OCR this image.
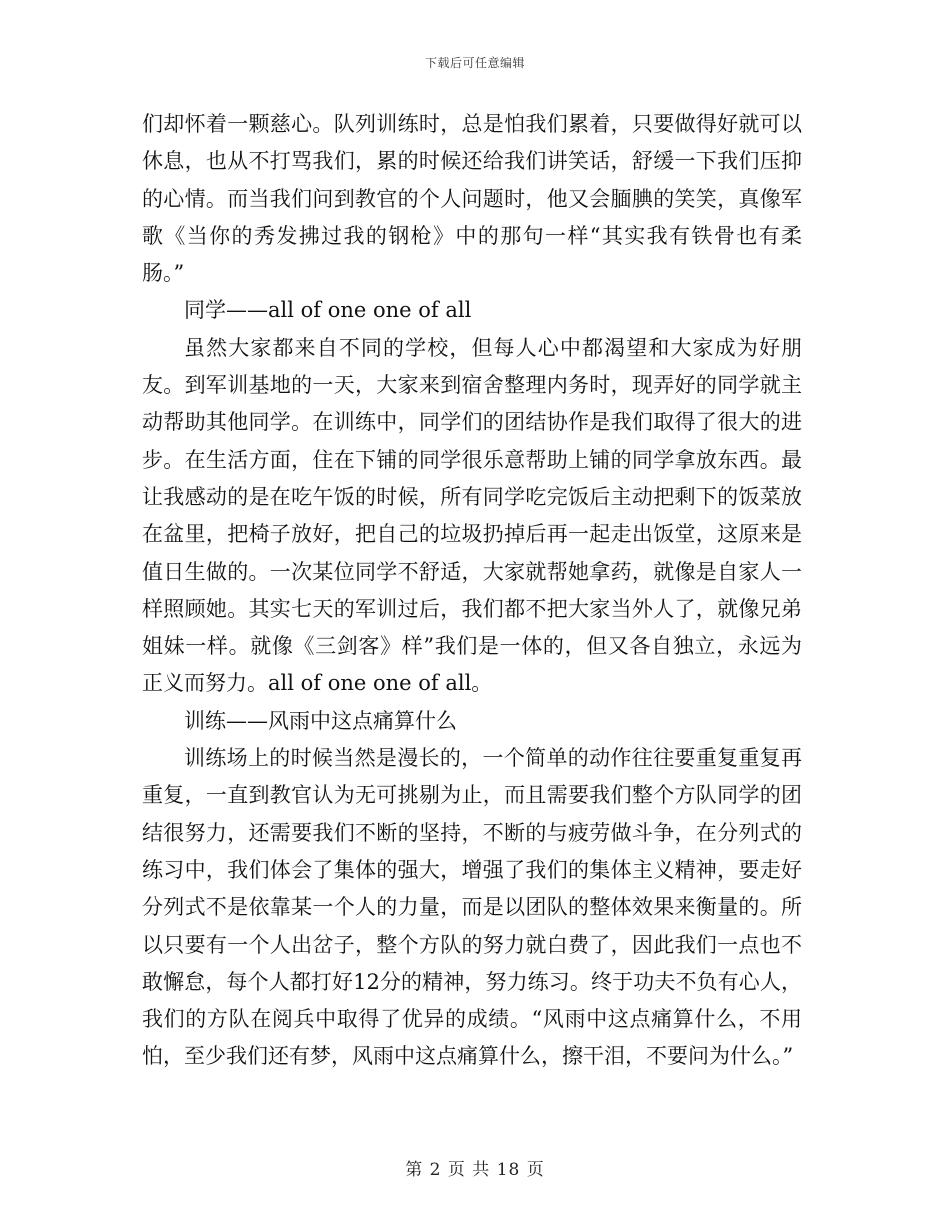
下载后可任意编辑

们却怀着一颗慈心。队列训练时，总是怕我们累着，只要做得好就可以休息，也从不打骂我们，累的时候还给我们讲笑话，舒缓一下我们压抑的心情。而当我们问到教官的个人问题时，他又会腼腆的笑笑，真像军歌《当你的秀发拂过我的钢枪》中的那句一样“其实我有铁骨也有柔肠。”

同学——all of one one of all

虽然大家都来自不同的学校，但每人心中都渴望和大家成为好朋友。到军训基地的一天，大家来到宿舍整理内务时，现弄好的同学就主动帮助其他同学。在训练中，同学们的团结协作是我们取得了很大的进步。在生活方面，住在下铺的同学很乐意帮助上铺的同学拿放东西。最让我感动的是在吃午饭的时候，所有同学吃完饭后主动把剩下的饭菜放在盆里，把椅子放好，把自己的垃圾扔掉后再一起走出饭堂，这原来是值日生做的。一次某位同学不舒适，大家就帮她拿药，就像是自家人一样照顾她。其实七天的军训过后，我们都不把大家当外人了，就像兄弟姐妹一样。就像《三剑客》样”我们是一体的，但又各自独立，永远为正义而努力。all of one one of all。

训练——风雨中这点痛算什么

训练场上的时候当然是漫长的，一个简单的动作往往要重复重复再重复，一直到教官认为无可挑剔为止，而且需要我们整个方队同学的团结很努力，还需要我们不断的坚持，不断的与疲劳做斗争，在分列式的练习中，我们体会了集体的强大，增强了我们的集体主义精神，要走好分列式不是依靠某一个人的力量，而是以团队的整体效果来衡量的。所以只要有一个人出岔子，整个方队的努力就白费了，因此我们一点也不敢懈怠，每个人都打好12分的精神，努力练习。终于功夫不负有心人，我们的方队在阅兵中取得了优异的成绩。“风雨中这点痛算什么，不用怕，至少我们还有梦，风雨中这点痛算什么，擦干泪，不要问为什么。”

第 2 页 共 18 页
